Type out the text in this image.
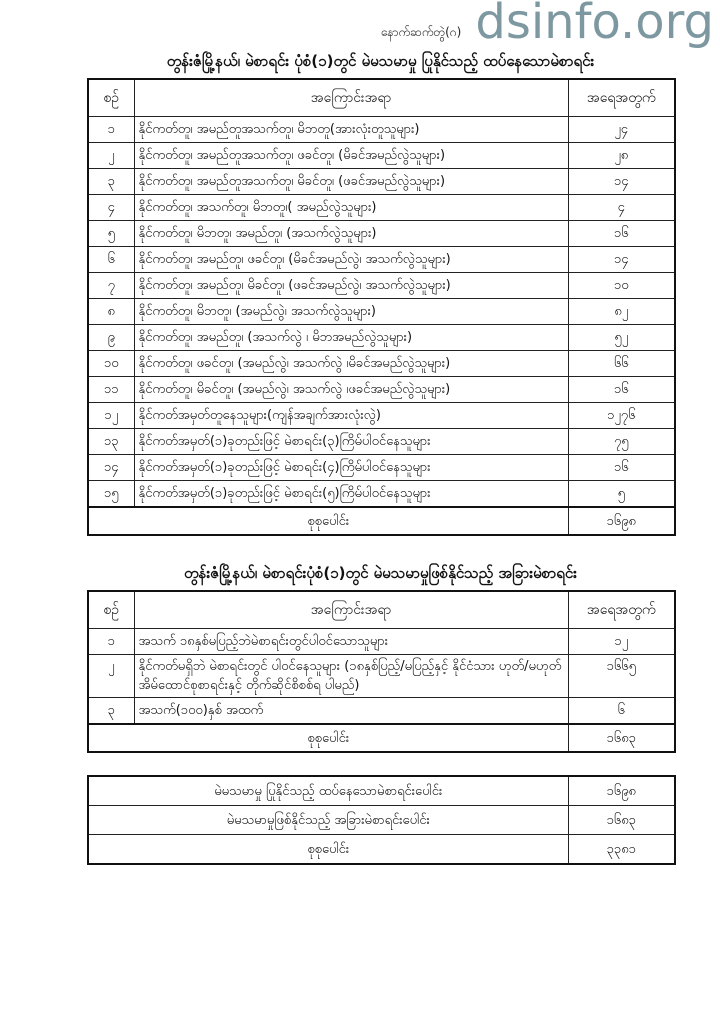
နောက်ဆက်တွဲ(ဂ) dsinfo.org
တွန်းဇံမြို့နယ်၊ မဲစာရင်း ပုံစံ(၁)တွင် မဲမသမာမှု ပြုနိုင်သည့် ထပ်နေသောမဲစာရင်း
စဉ်	အကြောင်းအရာ	အရေအတွက်
၁	နိုင်ကတ်တူ၊ အမည်တူအသက်တူ၊ မိဘတူ(အားလုံးတူသူများ)	၂၄
၂	နိုင်ကတ်တူ၊ အမည်တူအသက်တူ၊ ဖခင်တူ၊ (မိခင်အမည်လွဲသူများ)	၂၈
၃	နိုင်ကတ်တူ၊ အမည်တူအသက်တူ၊ မိခင်တူ၊ (ဖခင်အမည်လွဲသူများ)	၁၄
၄	နိုင်ကတ်တူ၊ အသက်တူ၊ မိဘတူ၊( အမည်လွဲသူများ)	၄
၅	နိုင်ကတ်တူ၊ မိဘတူ၊ အမည်တူ၊ (အသက်လွဲသူများ)	၁၆
၆	နိုင်ကတ်တူ၊ အမည်တူ၊ ဖခင်တူ၊ (မိခင်အမည်လွဲ၊ အသက်လွဲသူများ)	၁၄
၇	နိုင်ကတ်တူ၊ အမည်တူ၊ မိခင်တူ၊ (ဖခင်အမည်လွဲ၊ အသက်လွဲသူများ)	၁၀
၈	နိုင်ကတ်တူ၊ မိဘတူ၊ (အမည်လွဲ၊ အသက်လွဲသူများ)	၈၂
၉	နိုင်ကတ်တူ၊ အမည်တူ၊ (အသက်လွဲ ၊ မိဘအမည်လွဲသူများ)	၅၂
၁၀	နိုင်ကတ်တူ၊ ဖခင်တူ၊ (အမည်လွဲ၊ အသက်လွဲ ၊မိခင်အမည်လွဲသူများ)	၆၆
၁၁	နိုင်ကတ်တူ၊ မိခင်တူ၊ (အမည်လွဲ၊ အသက်လွဲ ၊ဖခင်အမည်လွဲသူများ)	၁၆
၁၂	နိုင်ကတ်အမှတ်တူနေသူများ(ကျန်အချက်အားလုံးလွဲ)	၁၂၇၆
၁၃	နိုင်ကတ်အမှတ်(၁)ခုတည်းဖြင့် မဲစာရင်း(၃)ကြိမ်ပါဝင်နေသူများ	၇၅
၁၄	နိုင်ကတ်အမှတ်(၁)ခုတည်းဖြင့် မဲစာရင်း(၄)ကြိမ်ပါဝင်နေသူများ	၁၆
၁၅	နိုင်ကတ်အမှတ်(၁)ခုတည်းဖြင့် မဲစာရင်း(၅)ကြိမ်ပါဝင်နေသူများ	၅
စုစုပေါင်း		၁၆၉၈
တွန်းဇံမြို့နယ်၊ မဲစာရင်းပုံစံ(၁)တွင် မဲမသမာမှုဖြစ်နိုင်သည့် အခြားမဲစာရင်း
စဉ်	အကြောင်းအရာ	အရေအတွက်
၁	အသက် ၁၈နှစ်မပြည့်ဘဲမဲစာရင်းတွင်ပါဝင်သောသူများ	၁၂
၂	နိုင်ကတ်မရှိဘဲ မဲစာရင်းတွင် ပါဝင်နေသူများ (၁၈နှစ်ပြည့်/မပြည့်နှင့် နိုင်ငံသား ဟုတ်/မဟုတ် အိမ်ထောင်စုစာရင်းနှင့် တိုက်ဆိုင်စိစစ်ရ ပါမည်)	၁၆၆၅
၃	အသက်(၁၀၀)နှစ် အထက်	၆
စုစုပေါင်း		၁၆၈၃
မဲမသမာမှု ပြုနိုင်သည့် ထပ်နေသောမဲစာရင်းပေါင်း	၁၆၉၈
မဲမသမာမှုဖြစ်နိုင်သည့် အခြားမဲစာရင်းပေါင်း	၁၆၈၃
စုစုပေါင်း	၃၃၈၁
